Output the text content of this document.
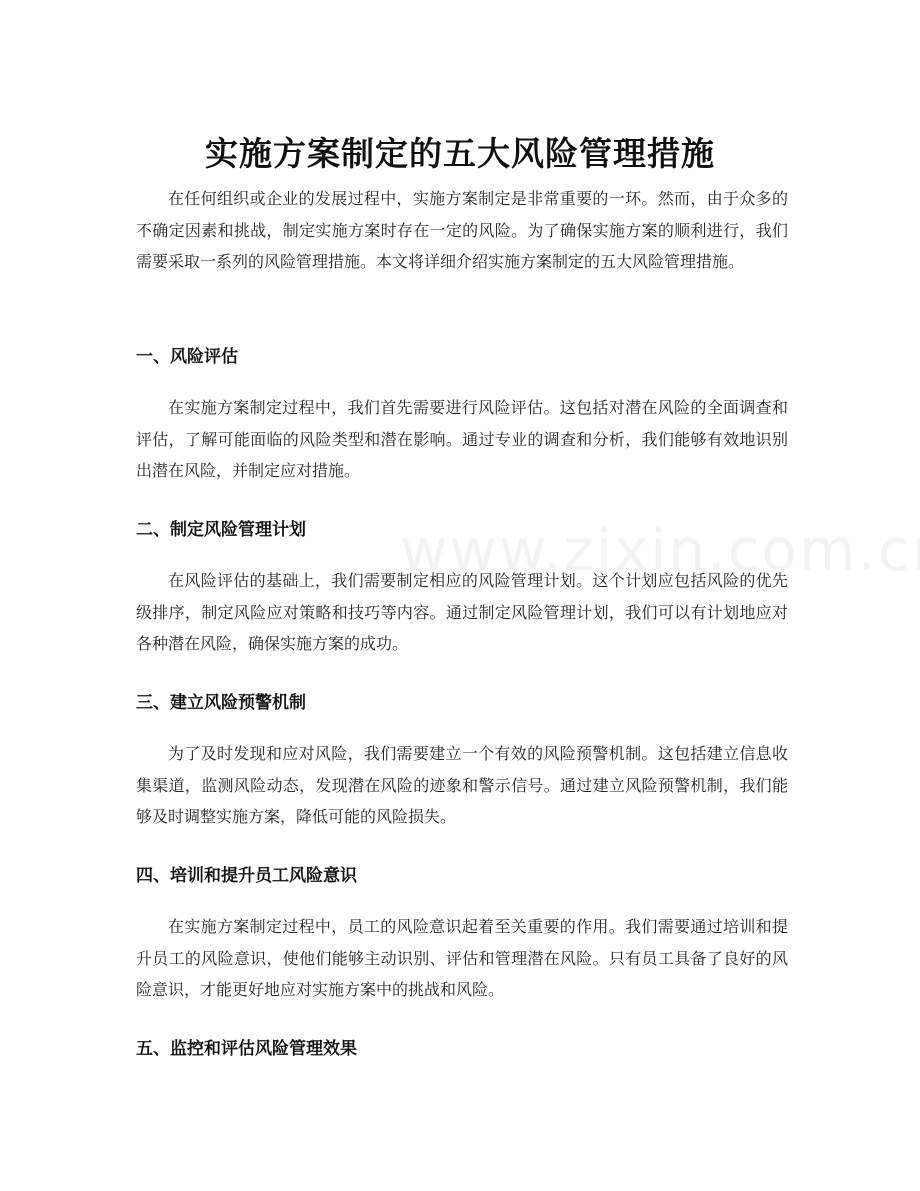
实施方案制定的五大风险管理措施

在任何组织或企业的发展过程中，实施方案制定是非常重要的一环。然而，由于众多的不确定因素和挑战，制定实施方案时存在一定的风险。为了确保实施方案的顺利进行，我们需要采取一系列的风险管理措施。本文将详细介绍实施方案制定的五大风险管理措施。

一、风险评估

在实施方案制定过程中，我们首先需要进行风险评估。这包括对潜在风险的全面调查和评估，了解可能面临的风险类型和潜在影响。通过专业的调查和分析，我们能够有效地识别出潜在风险，并制定应对措施。

二、制定风险管理计划

在风险评估的基础上，我们需要制定相应的风险管理计划。这个计划应包括风险的优先级排序，制定风险应对策略和技巧等内容。通过制定风险管理计划，我们可以有计划地应对各种潜在风险，确保实施方案的成功。

三、建立风险预警机制

为了及时发现和应对风险，我们需要建立一个有效的风险预警机制。这包括建立信息收集渠道，监测风险动态，发现潜在风险的迹象和警示信号。通过建立风险预警机制，我们能够及时调整实施方案，降低可能的风险损失。

四、培训和提升员工风险意识

在实施方案制定过程中，员工的风险意识起着至关重要的作用。我们需要通过培训和提升员工的风险意识，使他们能够主动识别、评估和管理潜在风险。只有员工具备了良好的风险意识，才能更好地应对实施方案中的挑战和风险。

五、监控和评估风险管理效果
